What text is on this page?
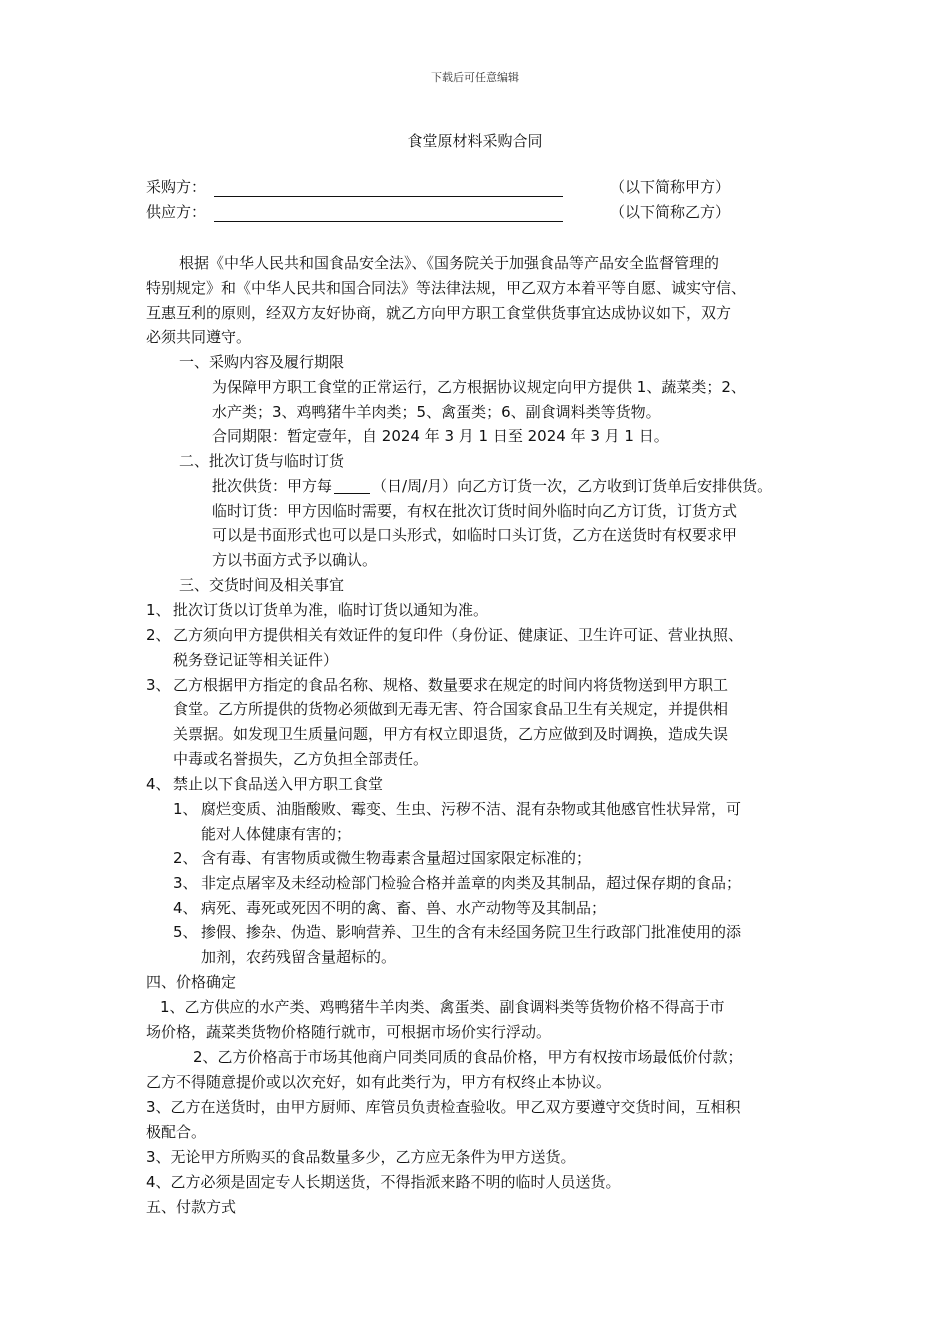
下载后可任意编辑
食堂原材料采购合同
采购方：	（以下简称甲方）
供应方：	（以下简称乙方）
根据《中华人民共和国食品安全法》、《国务院关于加强食品等产品安全监督管理的
特别规定》和《中华人民共和国合同法》等法律法规，甲乙双方本着平等自愿、诚实守信、
互惠互利的原则，经双方友好协商，就乙方向甲方职工食堂供货事宜达成协议如下，双方
必须共同遵守。
一、采购内容及履行期限
为保障甲方职工食堂的正常运行，乙方根据协议规定向甲方提供 1、蔬菜类；2、
水产类；3、鸡鸭猪牛羊肉类；5、禽蛋类；6、副食调料类等货物。
合同期限：暂定壹年，自 2024 年 3 月 1 日至 2024 年 3 月 1 日。
二、批次订货与临时订货
批次供货：甲方每	（日/周/月）向乙方订货一次，乙方收到订货单后安排供货。
临时订货：甲方因临时需要，有权在批次订货时间外临时向乙方订货，订货方式
可以是书面形式也可以是口头形式，如临时口头订货，乙方在送货时有权要求甲
方以书面方式予以确认。
三、交货时间及相关事宜
1、 批次订货以订货单为准，临时订货以通知为准。
2、 乙方须向甲方提供相关有效证件的复印件（身份证、健康证、卫生许可证、营业执照、
税务登记证等相关证件）
3、 乙方根据甲方指定的食品名称、规格、数量要求在规定的时间内将货物送到甲方职工
食堂。乙方所提供的货物必须做到无毒无害、符合国家食品卫生有关规定，并提供相
关票据。如发现卫生质量问题，甲方有权立即退货，乙方应做到及时调换，造成失误
中毒或名誉损失，乙方负担全部责任。
4、 禁止以下食品送入甲方职工食堂
1、 腐烂变质、油脂酸败、霉变、生虫、污秽不洁、混有杂物或其他感官性状异常，可
能对人体健康有害的；
2、 含有毒、有害物质或微生物毒素含量超过国家限定标准的；
3、 非定点屠宰及未经动检部门检验合格并盖章的肉类及其制品，超过保存期的食品；
4、 病死、毒死或死因不明的禽、畜、兽、水产动物等及其制品；
5、 掺假、掺杂、伪造、影响营养、卫生的含有未经国务院卫生行政部门批准使用的添
加剂，农药残留含量超标的。
四、价格确定
1、乙方供应的水产类、鸡鸭猪牛羊肉类、禽蛋类、副食调料类等货物价格不得高于市
场价格，蔬菜类货物价格随行就市，可根据市场价实行浮动。
2、乙方价格高于市场其他商户同类同质的食品价格，甲方有权按市场最低价付款；
乙方不得随意提价或以次充好，如有此类行为，甲方有权终止本协议。
3、乙方在送货时，由甲方厨师、库管员负责检查验收。甲乙双方要遵守交货时间，互相积
极配合。
3、无论甲方所购买的食品数量多少，乙方应无条件为甲方送货。
4、乙方必须是固定专人长期送货，不得指派来路不明的临时人员送货。
五、付款方式
